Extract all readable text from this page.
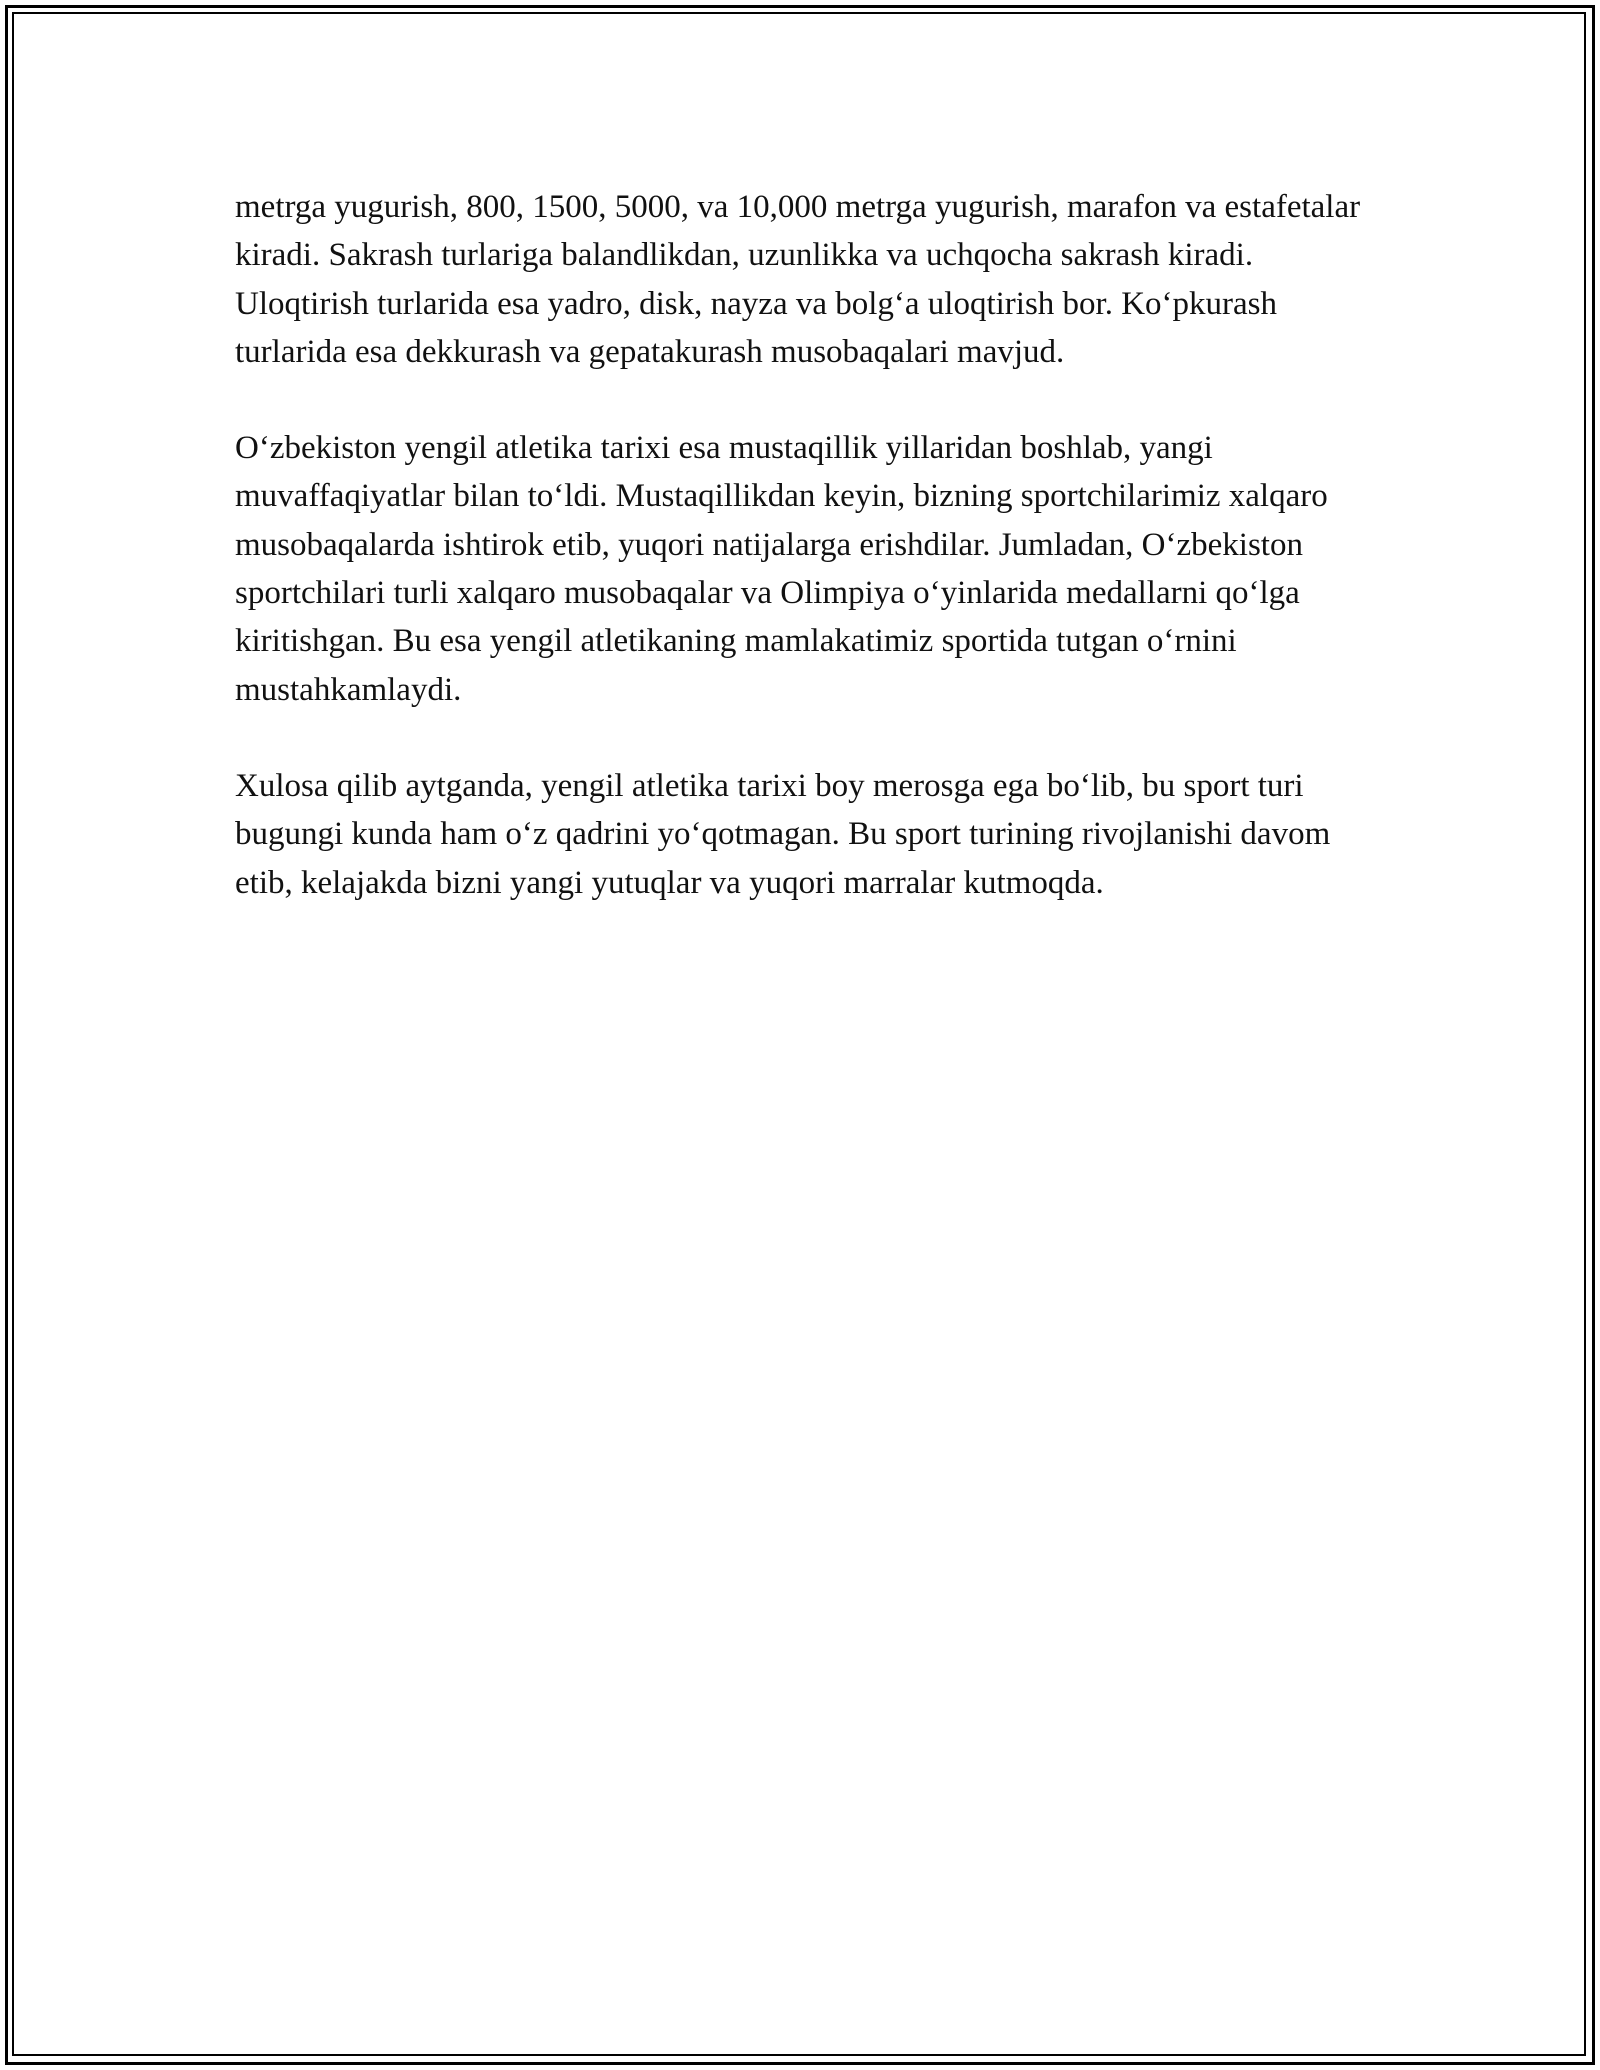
metrga yugurish, 800, 1500, 5000, va 10,000 metrga yugurish, marafon va estafetalar kiradi. Sakrash turlariga balandlikdan, uzunlikka va uchqocha sakrash kiradi. Uloqtirish turlarida esa yadro, disk, nayza va bolg‘a uloqtirish bor. Ko‘pkurash turlarida esa dekkurash va gepatakurash musobaqalari mavjud.

O‘zbekiston yengil atletika tarixi esa mustaqillik yillaridan boshlab, yangi muvaffaqiyatlar bilan to‘ldi. Mustaqillikdan keyin, bizning sportchilarimiz xalqaro musobaqalarda ishtirok etib, yuqori natijalarga erishdilar. Jumladan, O‘zbekiston sportchilari turli xalqaro musobaqalar va Olimpiya o‘yinlarida medallarni qo‘lga kiritishgan. Bu esa yengil atletikaning mamlakatimiz sportida tutgan o‘rnini mustahkamlaydi.

Xulosa qilib aytganda, yengil atletika tarixi boy merosga ega bo‘lib, bu sport turi bugungi kunda ham o‘z qadrini yo‘qotmagan. Bu sport turining rivojlanishi davom etib, kelajakda bizni yangi yutuqlar va yuqori marralar kutmoqda.
